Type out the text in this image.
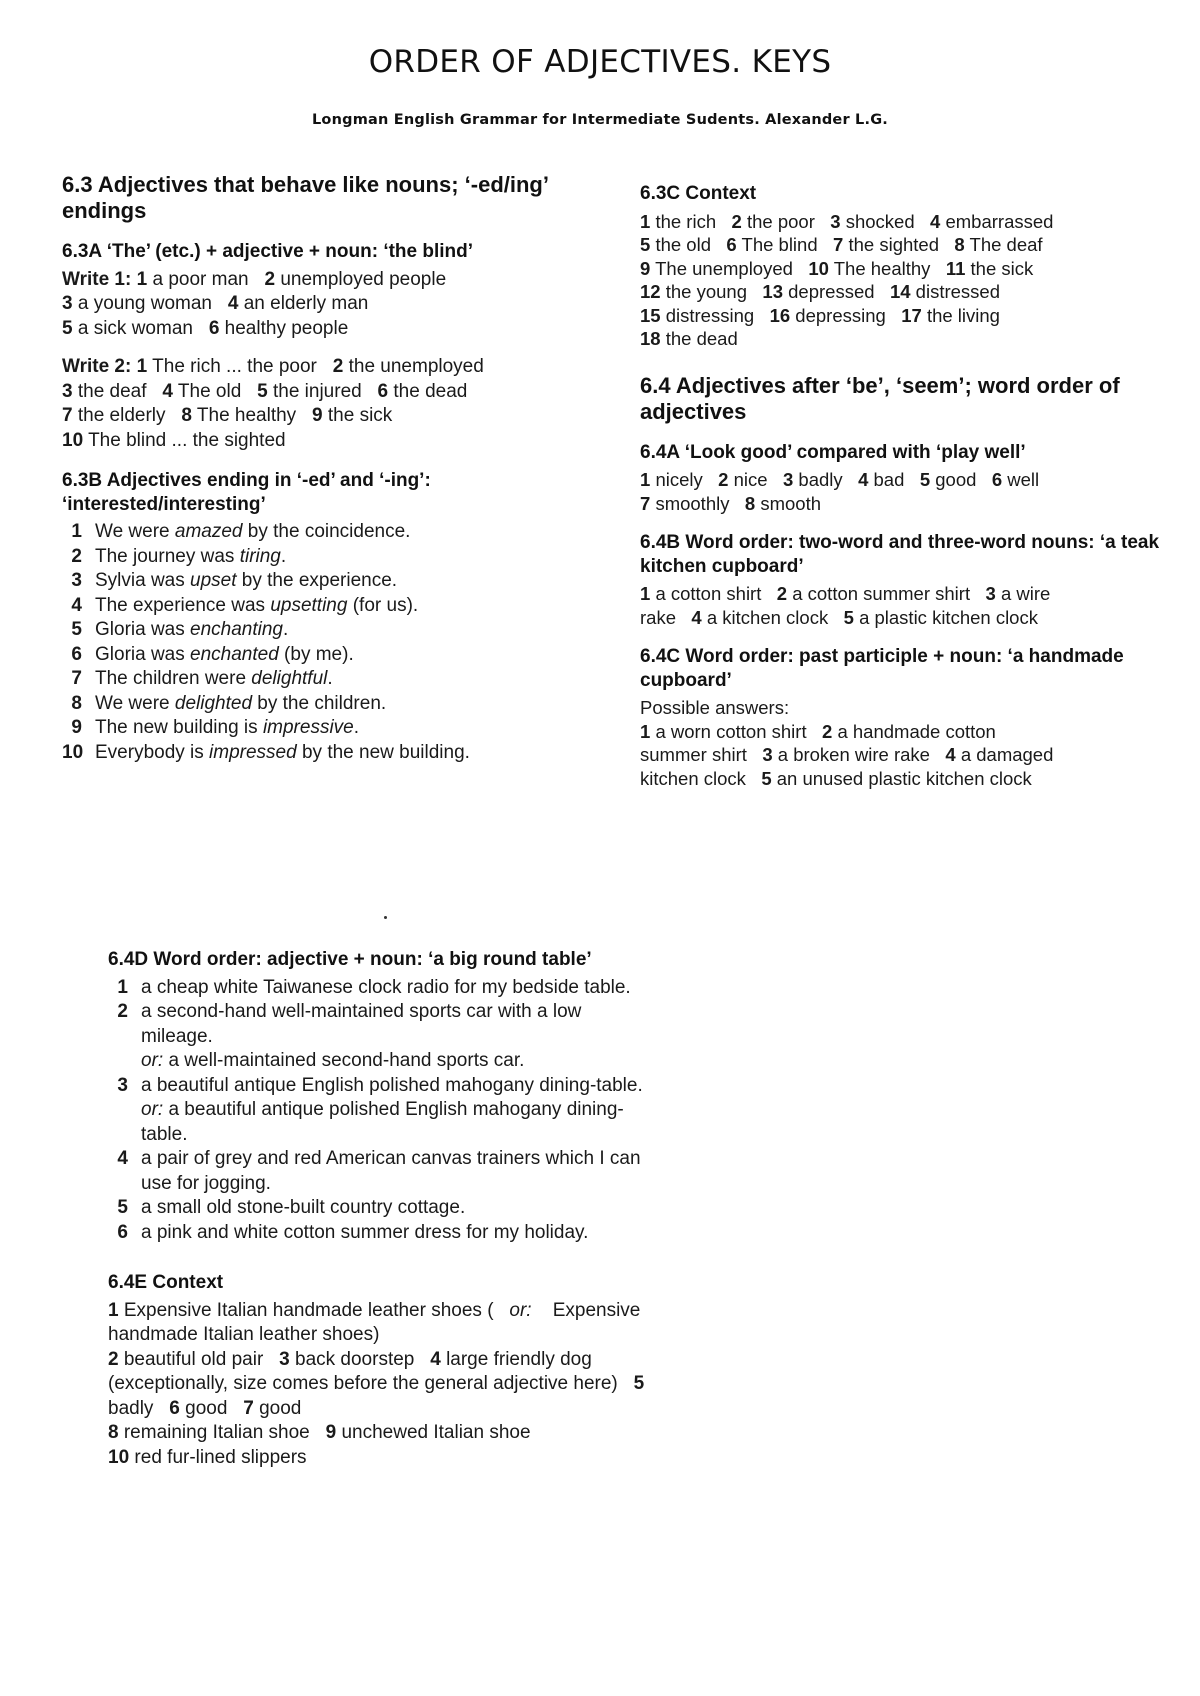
ORDER OF ADJECTIVES. KEYS
Longman English Grammar for Intermediate Sudents. Alexander L.G.
6.3 Adjectives that behave like nouns; ‘-ed/ing’ endings
6.3A ‘The’ (etc.) + adjective + noun: ‘the blind’
Write 1: 1 a poor man 2 unemployed people
3 a young woman 4 an elderly man
5 a sick woman 6 healthy people
Write 2: 1 The rich ... the poor 2 the unemployed
3 the deaf 4 The old 5 the injured 6 the dead
7 the elderly 8 The healthy 9 the sick
10 The blind ... the sighted
6.3B Adjectives ending in ‘-ed’ and ‘-ing’: ‘interested/interesting’
1 We were amazed by the coincidence.
2 The journey was tiring.
3 Sylvia was upset by the experience.
4 The experience was upsetting (for us).
5 Gloria was enchanting.
6 Gloria was enchanted (by me).
7 The children were delightful.
8 We were delighted by the children.
9 The new building is impressive.
10 Everybody is impressed by the new building.
6.3C Context
1 the rich 2 the poor 3 shocked 4 embarrassed
5 the old 6 The blind 7 the sighted 8 The deaf
9 The unemployed 10 The healthy 11 the sick
12 the young 13 depressed 14 distressed
15 distressing 16 depressing 17 the living
18 the dead
6.4 Adjectives after ‘be’, ‘seem’; word order of adjectives
6.4A ‘Look good’ compared with ‘play well’
1 nicely 2 nice 3 badly 4 bad 5 good 6 well
7 smoothly 8 smooth
6.4B Word order: two-word and three-word nouns: ‘a teak kitchen cupboard’
1 a cotton shirt 2 a cotton summer shirt 3 a wire
rake 4 a kitchen clock 5 a plastic kitchen clock
6.4C Word order: past participle + noun: ‘a handmade cupboard’
Possible answers:
1 a worn cotton shirt 2 a handmade cotton
summer shirt 3 a broken wire rake 4 a damaged
kitchen clock 5 an unused plastic kitchen clock
6.4D Word order: adjective + noun: ‘a big round table’
1 a cheap white Taiwanese clock radio for my bedside table.
2 a second-hand well-maintained sports car with a low mileage.
or: a well-maintained second-hand sports car.
3 a beautiful antique English polished mahogany dining-table.
or: a beautiful antique polished English mahogany dining-table.
4 a pair of grey and red American canvas trainers which I can use for jogging.
5 a small old stone-built country cottage.
6 a pink and white cotton summer dress for my holiday.
6.4E Context
1 Expensive Italian handmade leather shoes ( or:    Expensive handmade Italian leather shoes)
2 beautiful old pair 3 back doorstep 4 large friendly dog (exceptionally, size comes before the general adjective here) 5 badly 6 good 7 good
8 remaining Italian shoe 9 unchewed Italian shoe
10 red fur-lined slippers
